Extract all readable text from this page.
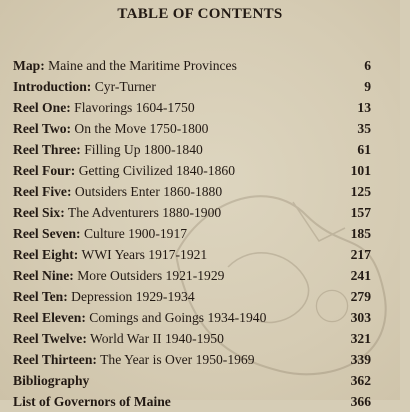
TABLE OF CONTENTS
Map: Maine and the Maritime Provinces	6
Introduction: Cyr-Turner	9
Reel One: Flavorings 1604-1750	13
Reel Two: On the Move 1750-1800	35
Reel Three: Filling Up 1800-1840	61
Reel Four: Getting Civilized 1840-1860	101
Reel Five: Outsiders Enter 1860-1880	125
Reel Six: The Adventurers 1880-1900	157
Reel Seven: Culture 1900-1917	185
Reel Eight: WWI Years 1917-1921	217
Reel Nine: More Outsiders 1921-1929	241
Reel Ten: Depression 1929-1934	279
Reel Eleven: Comings and Goings 1934-1940	303
Reel Twelve: World War II 1940-1950	321
Reel Thirteen: The Year is Over 1950-1969	339
Bibliography	362
List of Governors of Maine	366
